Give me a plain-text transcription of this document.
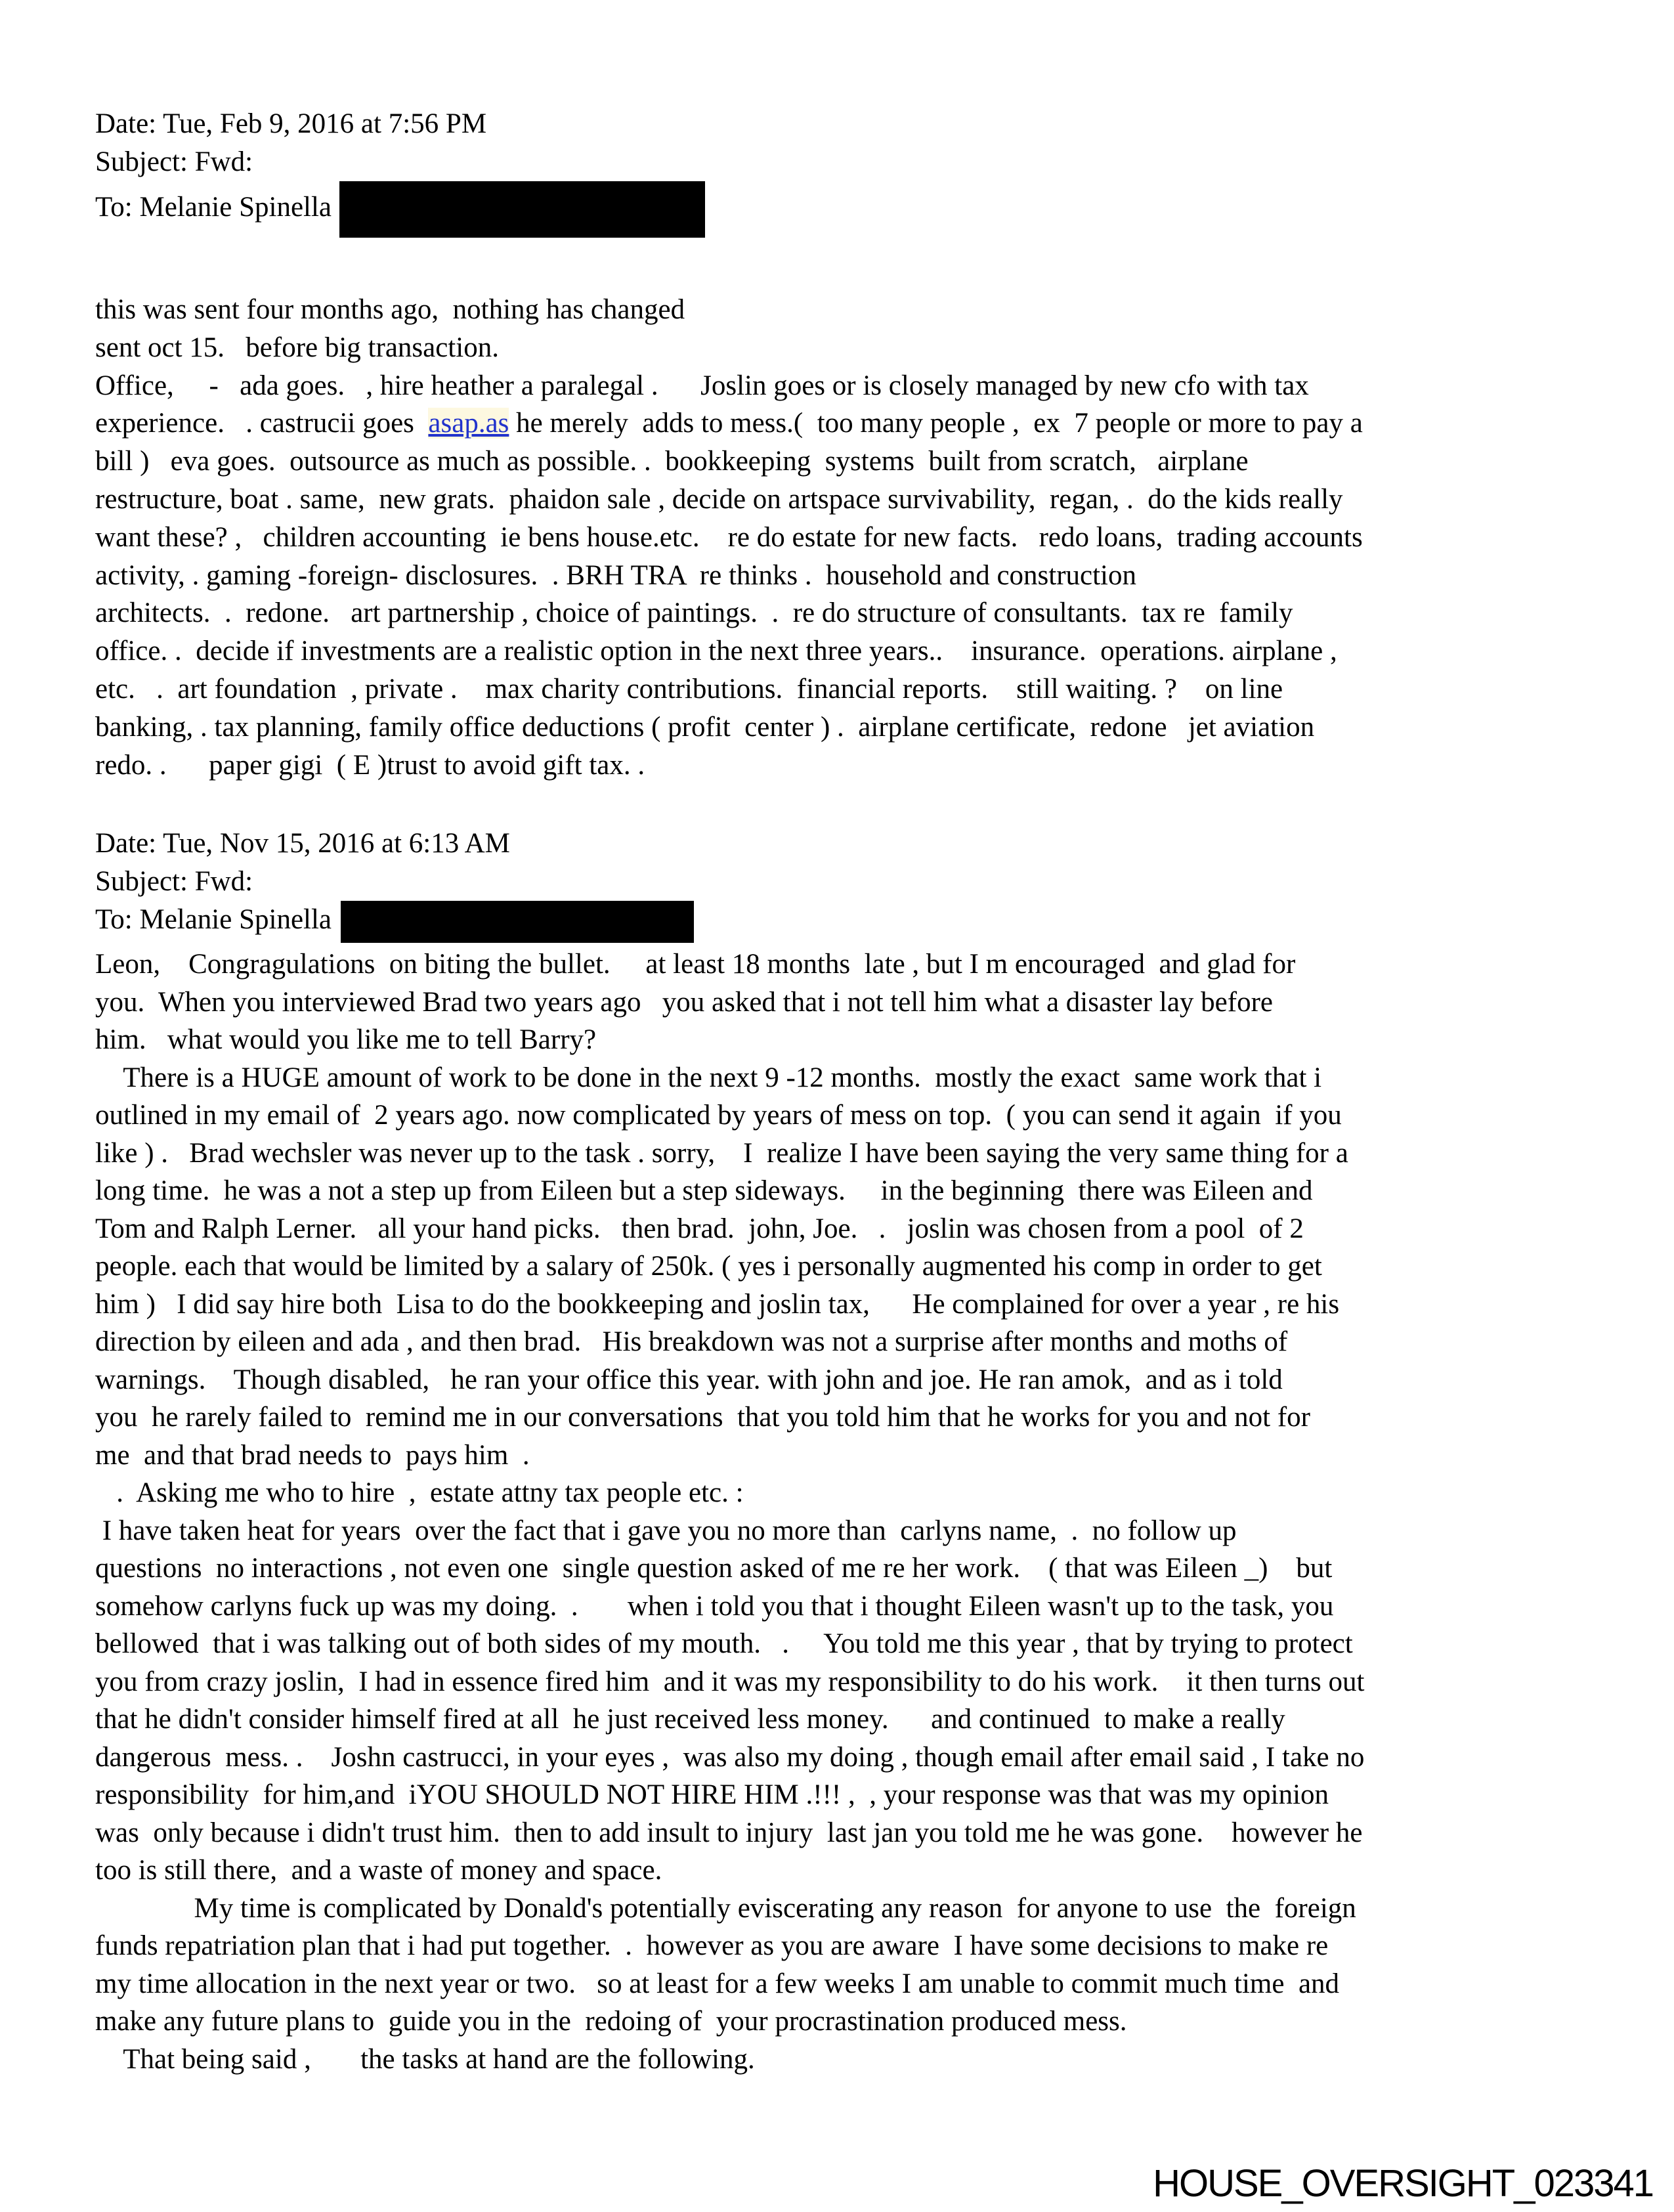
Date: Tue, Feb 9, 2016 at 7:56 PM
Subject: Fwd:
To: Melanie Spinella
this was sent four months ago,  nothing has changed
sent oct 15.   before big transaction.
Office,     -   ada goes.   , hire heather a paralegal .      Joslin goes or is closely managed by new cfo with tax
experience.   . castrucii goes  asap.as he merely  adds to mess.(  too many people ,  ex  7 people or more to pay a
bill )   eva goes.  outsource as much as possible. .  bookkeeping  systems  built from scratch,   airplane
restructure, boat . same,  new grats.  phaidon sale , decide on artspace survivability,  regan, .  do the kids really
want these? ,   children accounting  ie bens house.etc.    re do estate for new facts.   redo loans,  trading accounts
activity, . gaming -foreign- disclosures.  . BRH TRA  re thinks .  household and construction
architects.  .  redone.   art partnership , choice of paintings.  .  re do structure of consultants.  tax re  family
office. .  decide if investments are a realistic option in the next three years..    insurance.  operations. airplane ,
etc.   .  art foundation  , private .    max charity contributions.  financial reports.    still waiting. ?    on line
banking, . tax planning, family office deductions ( profit  center ) .  airplane certificate,  redone   jet aviation
redo. .      paper gigi  ( E )trust to avoid gift tax. .
Date: Tue, Nov 15, 2016 at 6:13 AM
Subject: Fwd:
To: Melanie Spinella
Leon,    Congragulations  on biting the bullet.     at least 18 months  late , but I m encouraged  and glad for
you.  When you interviewed Brad two years ago   you asked that i not tell him what a disaster lay before
him.   what would you like me to tell Barry?
There is a HUGE amount of work to be done in the next 9 -12 months.  mostly the exact  same work that i
outlined in my email of  2 years ago. now complicated by years of mess on top.  ( you can send it again  if you
like ) .   Brad wechsler was never up to the task . sorry,    I  realize I have been saying the very same thing for a
long time.  he was a not a step up from Eileen but a step sideways.     in the beginning  there was Eileen and
Tom and Ralph Lerner.   all your hand picks.   then brad.  john, Joe.   .   joslin was chosen from a pool  of 2
people. each that would be limited by a salary of 250k. ( yes i personally augmented his comp in order to get
him )   I did say hire both  Lisa to do the bookkeeping and joslin tax,      He complained for over a year , re his
direction by eileen and ada , and then brad.   His breakdown was not a surprise after months and moths of
warnings.    Though disabled,   he ran your office this year. with john and joe. He ran amok,  and as i told
you  he rarely failed to  remind me in our conversations  that you told him that he works for you and not for
me  and that brad needs to  pays him  .
.  Asking me who to hire  ,  estate attny tax people etc. :
I have taken heat for years  over the fact that i gave you no more than  carlyns name,  .  no follow up
questions  no interactions , not even one  single question asked of me re her work.    ( that was Eileen _)    but
somehow carlyns fuck up was my doing.  .       when i told you that i thought Eileen wasn't up to the task, you
bellowed  that i was talking out of both sides of my mouth.   .     You told me this year , that by trying to protect
you from crazy joslin,  I had in essence fired him  and it was my responsibility to do his work.    it then turns out
that he didn't consider himself fired at all  he just received less money.      and continued  to make a really
dangerous  mess. .    Joshn castrucci, in your eyes ,  was also my doing , though email after email said , I take no
responsibility  for him,and  iYOU SHOULD NOT HIRE HIM .!!! ,  , your response was that was my opinion
was  only because i didn't trust him.  then to add insult to injury  last jan you told me he was gone.    however he
too is still there,  and a waste of money and space.
My time is complicated by Donald's potentially eviscerating any reason  for anyone to use  the  foreign
funds repatriation plan that i had put together.  .  however as you are aware  I have some decisions to make re
my time allocation in the next year or two.   so at least for a few weeks I am unable to commit much time  and
make any future plans to  guide you in the  redoing of  your procrastination produced mess.
That being said ,       the tasks at hand are the following.
HOUSE_OVERSIGHT_023341
